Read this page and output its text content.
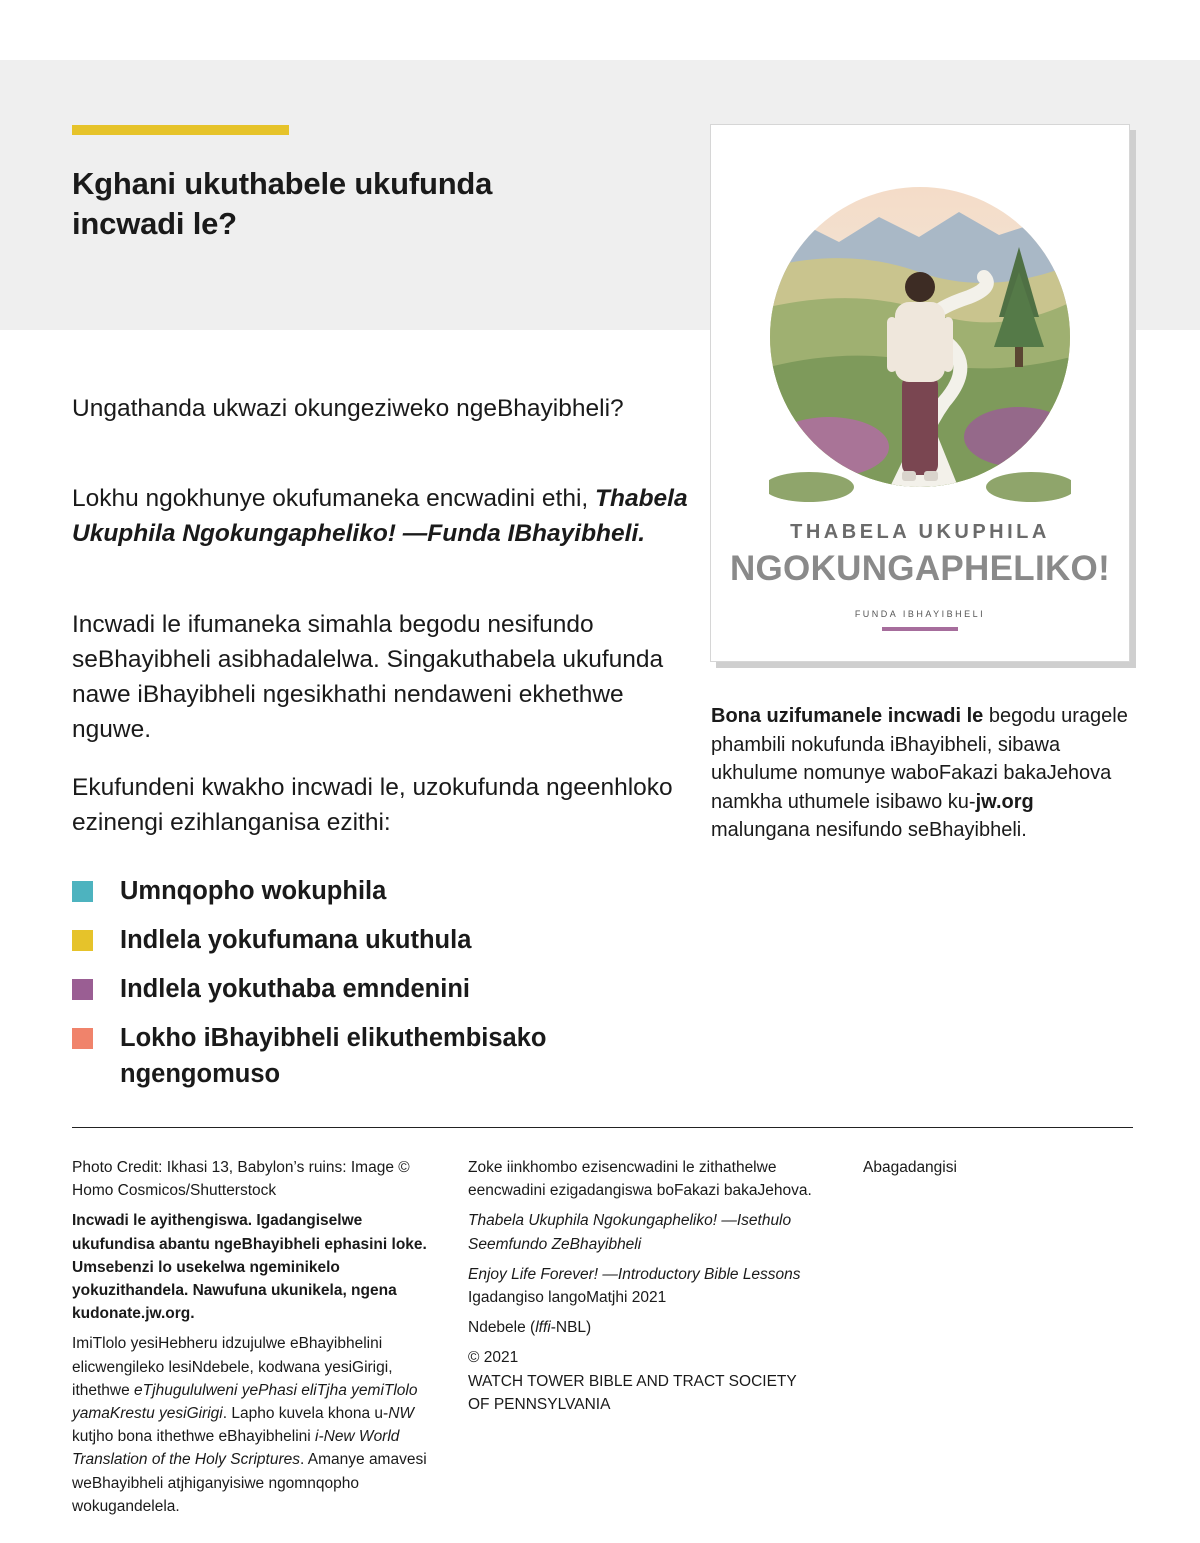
Kghani ukuthabele ukufunda incwadi le?

Ungathanda ukwazi okungeziweko ngeBhayibheli?

Lokhu ngokhunye okufumaneka encwadini ethi, Thabela Ukuphila Ngokungapheliko! —Funda IBhayibheli.

Incwadi le ifumaneka simahla begodu nesifundo seBhayibheli asibhadalelwa. Singakuthabela ukufunda nawe iBhayibheli ngesikhathi nendaweni ekhethwe nguwe.

Ekufundeni kwakho incwadi le, uzokufunda ngeenhloko ezinengi ezihlanganisa ezithi:

Umnqopho wokuphila
Indlela yokufumana ukuthula
Indlela yokuthaba emndenini
Lokho iBhayibheli elikuthembisako ngengomuso
THABELA UKUPHILA
NGOKUNGAPHELIKO!
FUNDA IBHAYIBHELI

Bona uzifumanele incwadi le begodu uragele phambili nokufunda iBhayibheli, sibawa ukhulume nomunye waboFakazi bakaJehova namkha uthumele isibawo ku-jw.org malungana nesifundo seBhayibheli.

Photo Credit: Ikhasi 13, Babylon’s ruins: Image © Homo Cosmicos/Shutterstock

Incwadi le ayithengiswa. Igadangiselwe ukufundisa abantu ngeBhayibheli ephasini loke. Umsebenzi lo usekelwa ngeminikelo yokuzithandela. Nawufuna ukunikela, ngena kudonate.jw.org.

ImiTlolo yesiHebheru idzujulwe eBhayibhelini elicwengileko lesiNdebele, kodwana yesiGirigi, ithethwe eTjhugululweni yePhasi eliTjha yemiTlolo yamaKrestu yesiGirigi. Lapho kuvela khona u-NW kutjho bona ithethwe eBhayibhelini i-New World Translation of the Holy Scriptures. Amanye amavesi weBhayibheli atjhiganyisiwe ngomnqopho wokugandelela.

Zoke iinkhombo ezisencwadini le zithathelwe eencwadini ezigadangiswa boFakazi bakaJehova.

Thabela Ukuphila Ngokungapheliko! —Isethulo Seemfundo ZeBhayibheli

Enjoy Life Forever! —Introductory Bible Lessons
Igadangiso langoMatjhi 2021

Ndebele (lffi-NBL)

© 2021
WATCH TOWER BIBLE AND TRACT SOCIETY OF PENNSYLVANIA

Abagadangisi
